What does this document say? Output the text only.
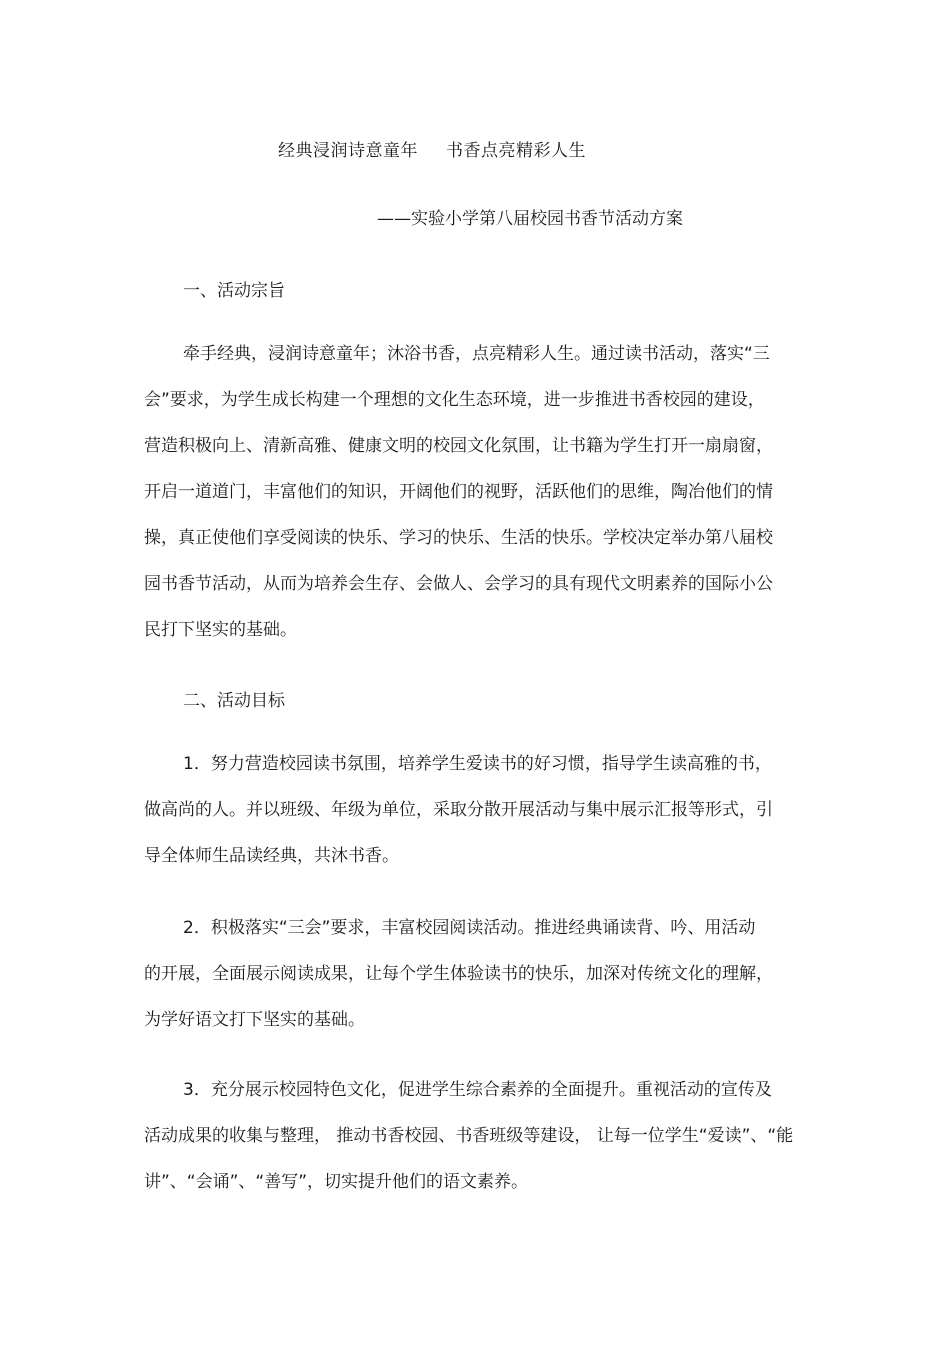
经典浸润诗意童年 书香点亮精彩人生
——实验小学第八届校园书香节活动方案
一、活动宗旨
牵手经典，浸润诗意童年；沐浴书香，点亮精彩人生。通过读书活动，落实“三
会”要求，为学生成长构建一个理想的文化生态环境，进一步推进书香校园的建设，
营造积极向上、清新高雅、健康文明的校园文化氛围，让书籍为学生打开一扇扇窗，
开启一道道门，丰富他们的知识，开阔他们的视野，活跃他们的思维，陶冶他们的情
操，真正使他们享受阅读的快乐、学习的快乐、生活的快乐。学校决定举办第八届校
园书香节活动，从而为培养会生存、会做人、会学习的具有现代文明素养的国际小公
民打下坚实的基础。
二、活动目标
1．努力营造校园读书氛围，培养学生爱读书的好习惯，指导学生读高雅的书，
做高尚的人。并以班级、年级为单位，采取分散开展活动与集中展示汇报等形式，引
导全体师生品读经典，共沐书香。
2．积极落实“三会”要求，丰富校园阅读活动。推进经典诵读背、吟、用活动
的开展，全面展示阅读成果，让每个学生体验读书的快乐，加深对传统文化的理解，
为学好语文打下坚实的基础。
3．充分展示校园特色文化，促进学生综合素养的全面提升。重视活动的宣传及
活动成果的收集与整理， 推动书香校园、书香班级等建设， 让每一位学生“爱读”、“能
讲”、“会诵”、“善写”，切实提升他们的语文素养。
